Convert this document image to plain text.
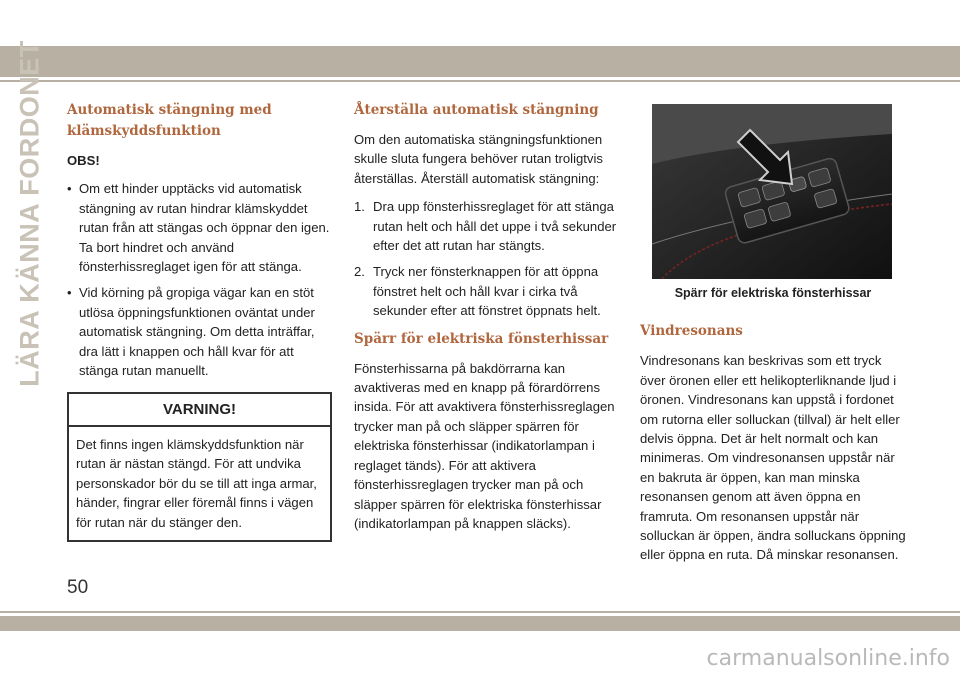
LÄRA KÄNNA FORDONET Automatisk stängning med klämskyddsfunktion

OBS!

• Om ett hinder upptäcks vid automatisk stängning av rutan hindrar klämskyddet rutan från att stängas och öppnar den igen. Ta bort hindret och använd fönsterhissreglaget igen för att stänga.
• Vid körning på gropiga vägar kan en stöt utlösa öppningsfunktionen oväntat under automatisk stängning. Om detta inträffar, dra lätt i knappen och håll kvar för att stänga rutan manuellt.
VARNING!
Det finns ingen klämskyddsfunktion när rutan är nästan stängd. För att undvika personskador bör du se till att inga armar, händer, fingrar eller föremål finns i vägen för rutan när du stänger den.
Återställa automatisk stängning

Om den automatiska stängningsfunktionen skulle sluta fungera behöver rutan troligtvis återställas. Återställ automatisk stängning:

1. Dra upp fönsterhissreglaget för att stänga rutan helt och håll det uppe i två sekunder efter det att rutan har stängts.
2. Tryck ner fönsterknappen för att öppna fönstret helt och håll kvar i cirka två sekunder efter att fönstret öppnats helt.
Spärr för elektriska fönsterhissar

Fönsterhissarna på bakdörrarna kan avaktiveras med en knapp på förardörrens insida. För att avaktivera fönsterhissreglagen trycker man på och släpper spärren för elektriska fönsterhissar (indikatorlampan i reglaget tänds). För att aktivera fönsterhissreglagen trycker man på och släpper spärren för elektriska fönsterhissar (indikatorlampan på knappen släcks).

Spärr för elektriska fönsterhissar
Vindresonans

Vindresonans kan beskrivas som ett tryck över öronen eller ett helikopterliknande ljud i öronen. Vindresonans kan uppstå i fordonet om rutorna eller solluckan (tillval) är helt eller delvis öppna. Det är helt normalt och kan minimeras. Om vindresonansen uppstår när en bakruta är öppen, kan man minska resonansen genom att även öppna en framruta. Om resonansen uppstår när solluckan är öppen, ändra solluckans öppning eller öppna en ruta. Då minskar resonansen.

50
carmanualsonline.info
